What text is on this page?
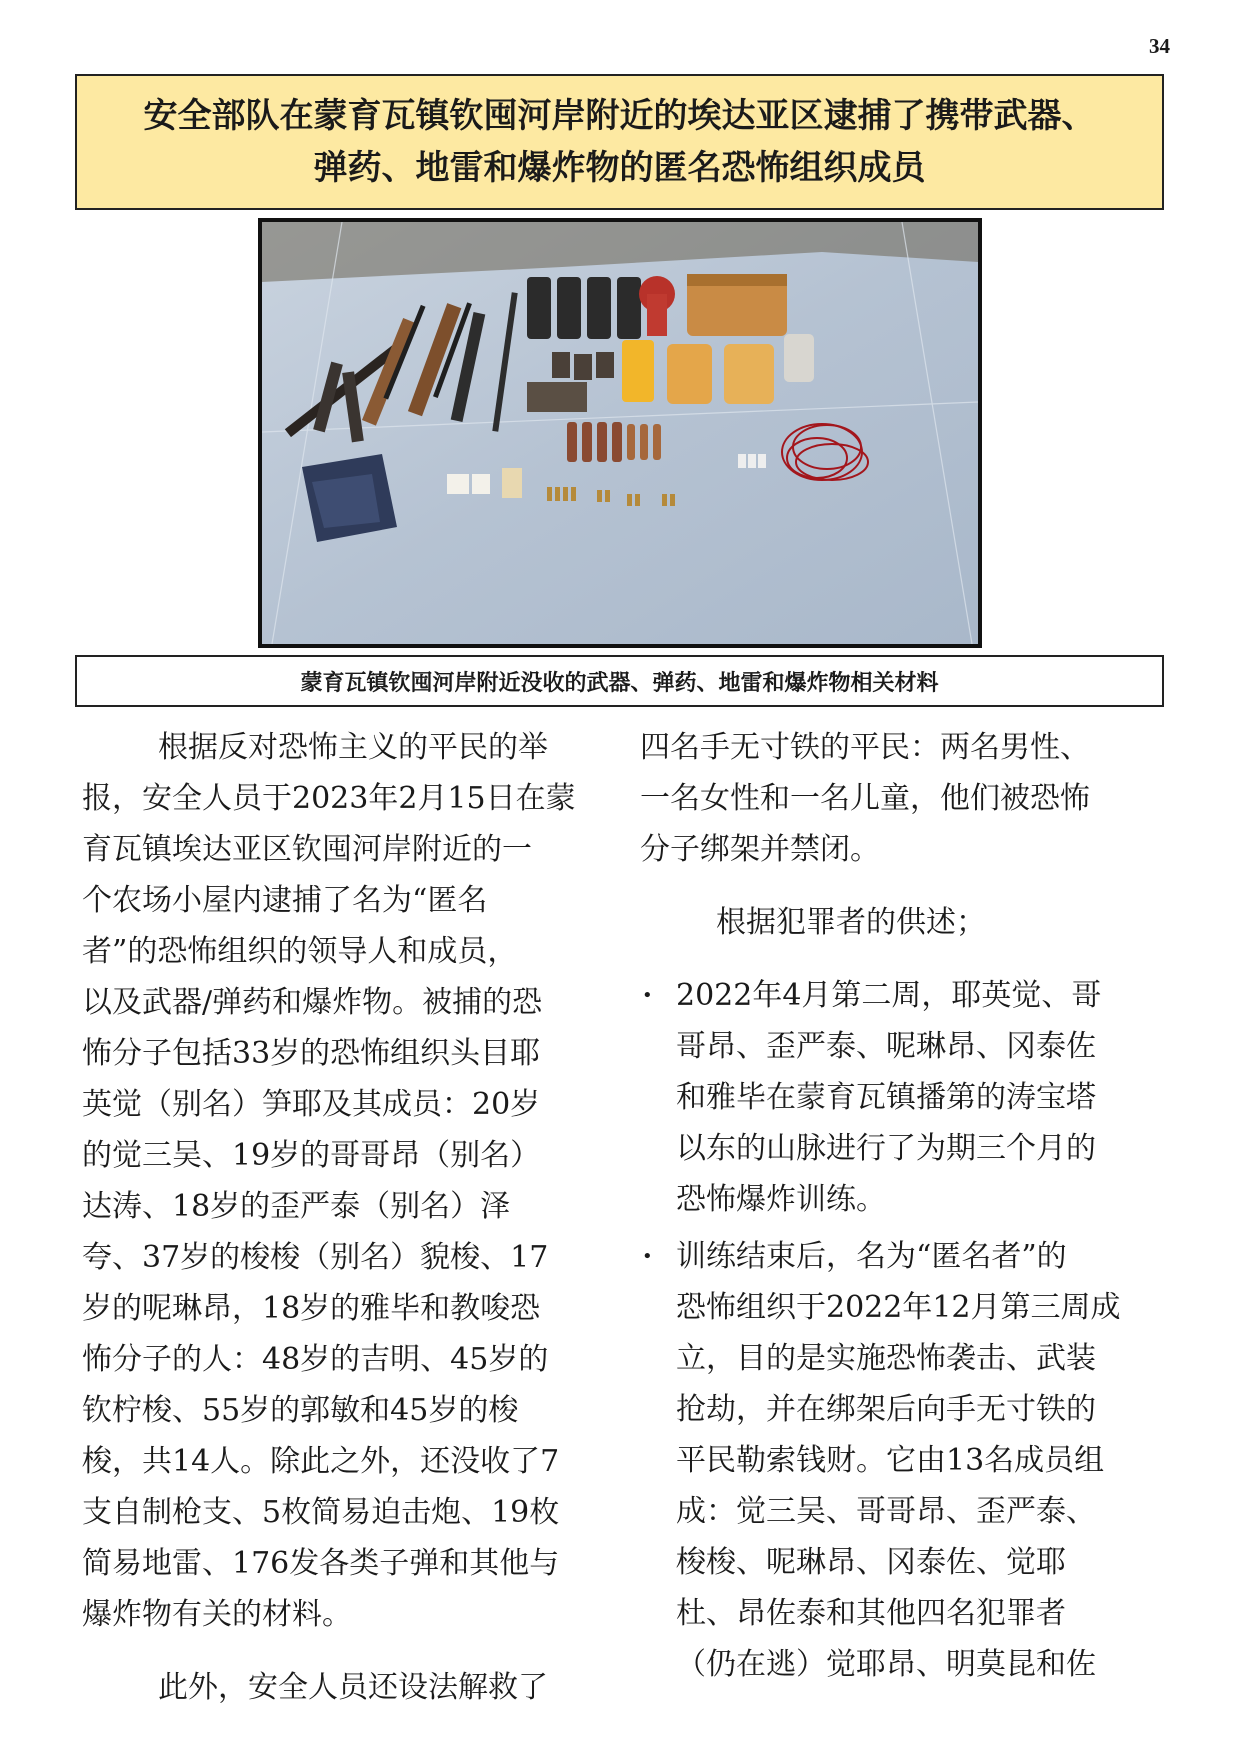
34
安全部队在蒙育瓦镇钦囤河岸附近的埃达亚区逮捕了携带武器、
弹药、地雷和爆炸物的匿名恐怖组织成员
蒙育瓦镇钦囤河岸附近没收的武器、弹药、地雷和爆炸物相关材料

根据反对恐怖主义的平民的举
报，安全人员于2023年2月15日在蒙
育瓦镇埃达亚区钦囤河岸附近的一
个农场小屋内逮捕了名为“匿名
者”的恐怖组织的领导人和成员，
以及武器/弹药和爆炸物。被捕的恐
怖分子包括33岁的恐怖组织头目耶
英觉（别名）笋耶及其成员：20岁
的觉三吴、19岁的哥哥昂（别名）
达涛、18岁的歪严泰（别名）泽
夸、37岁的梭梭（别名）貌梭、17
岁的呢琳昂，18岁的雅毕和教唆恐
怖分子的人：48岁的吉明、45岁的
钦柠梭、55岁的郭敏和45岁的梭
梭，共14人。除此之外，还没收了7
支自制枪支、5枚简易迫击炮、19枚
简易地雷、176发各类子弹和其他与
爆炸物有关的材料。

此外，安全人员还设法解救了

四名手无寸铁的平民：两名男性、
一名女性和一名儿童，他们被恐怖
分子绑架并禁闭。

根据犯罪者的供述；

• 2022年4月第二周，耶英觉、哥
哥昂、歪严泰、呢琳昂、冈泰佐
和雅毕在蒙育瓦镇播第的涛宝塔
以东的山脉进行了为期三个月的
恐怖爆炸训练。
• 训练结束后，名为“匿名者”的
恐怖组织于2022年12月第三周成
立，目的是实施恐怖袭击、武装
抢劫，并在绑架后向手无寸铁的
平民勒索钱财。它由13名成员组
成：觉三吴、哥哥昂、歪严泰、
梭梭、呢琳昂、冈泰佐、觉耶
杜、昂佐泰和其他四名犯罪者
（仍在逃）觉耶昂、明莫昆和佐
